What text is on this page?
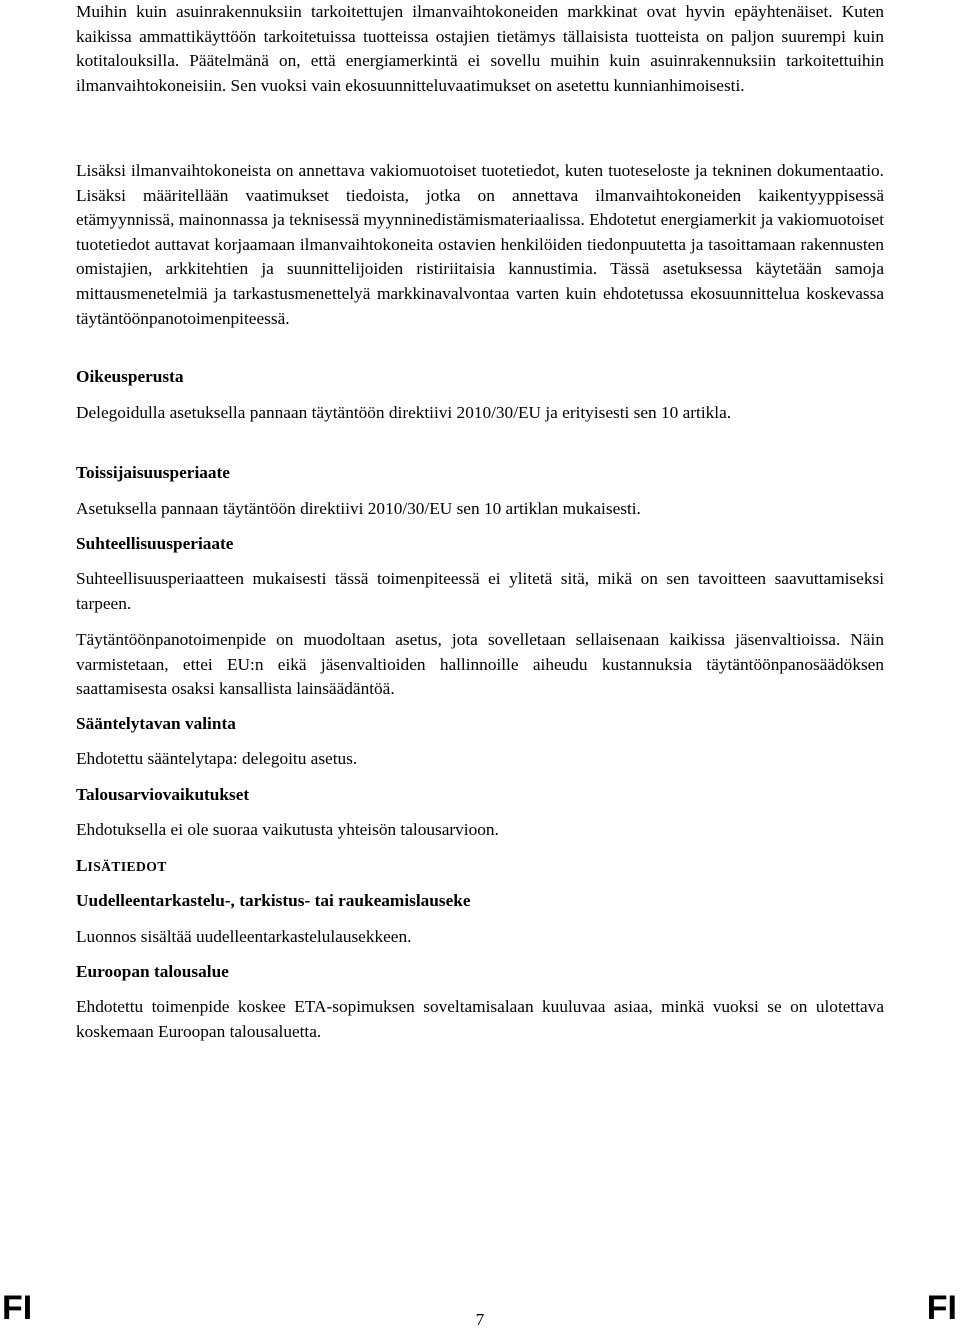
Muihin kuin asuinrakennuksiin tarkoitettujen ilmanvaihtokoneiden markkinat ovat hyvin epäyhtenäiset. Kuten kaikissa ammattikäyttöön tarkoitetuissa tuotteissa ostajien tietämys tällaisista tuotteista on paljon suurempi kuin kotitalouksilla. Päätelmänä on, että energiamerkintä ei sovellu muihin kuin asuinrakennuksiin tarkoitettuihin ilmanvaihtokoneisiin. Sen vuoksi vain ekosuunnitteluvaatimukset on asetettu kunnianhimoisesti.

Lisäksi ilmanvaihtokoneista on annettava vakiomuotoiset tuotetiedot, kuten tuoteseloste ja tekninen dokumentaatio. Lisäksi määritellään vaatimukset tiedoista, jotka on annettava ilmanvaihtokoneiden kaikentyyppisessä etämyynnissä, mainonnassa ja teknisessä myynninedistämismateriaalissa. Ehdotetut energiamerkit ja vakiomuotoiset tuotetiedot auttavat korjaamaan ilmanvaihtokoneita ostavien henkilöiden tiedonpuutetta ja tasoittamaan rakennusten omistajien, arkkitehtien ja suunnittelijoiden ristiriitaisia kannustimia. Tässä asetuksessa käytetään samoja mittausmenetelmiä ja tarkastusmenettelyä markkinavalvontaa varten kuin ehdotetussa ekosuunnittelua koskevassa täytäntöönpanotoimenpiteessä.

Oikeusperusta

Delegoidulla asetuksella pannaan täytäntöön direktiivi 2010/30/EU ja erityisesti sen 10 artikla.

Toissijaisuusperiaate

Asetuksella pannaan täytäntöön direktiivi 2010/30/EU sen 10 artiklan mukaisesti.

Suhteellisuusperiaate

Suhteellisuusperiaatteen mukaisesti tässä toimenpiteessä ei ylitetä sitä, mikä on sen tavoitteen saavuttamiseksi tarpeen.

Täytäntöönpanotoimenpide on muodoltaan asetus, jota sovelletaan sellaisenaan kaikissa jäsenvaltioissa. Näin varmistetaan, ettei EU:n eikä jäsenvaltioiden hallinnoille aiheudu kustannuksia täytäntöönpanosäädöksen saattamisesta osaksi kansallista lainsäädäntöä.

Sääntelytavan valinta

Ehdotettu sääntelytapa: delegoitu asetus.

Talousarviovaikutukset

Ehdotuksella ei ole suoraa vaikutusta yhteisön talousarvioon.

LISÄTIEDOT

Uudelleentarkastelu-, tarkistus- tai raukeamislauseke

Luonnos sisältää uudelleentarkastelulausekkeen.

Euroopan talousalue

Ehdotettu toimenpide koskee ETA-sopimuksen soveltamisalaan kuuluvaa asiaa, minkä vuoksi se on ulotettava koskemaan Euroopan talousaluetta.

FI	7	FI
